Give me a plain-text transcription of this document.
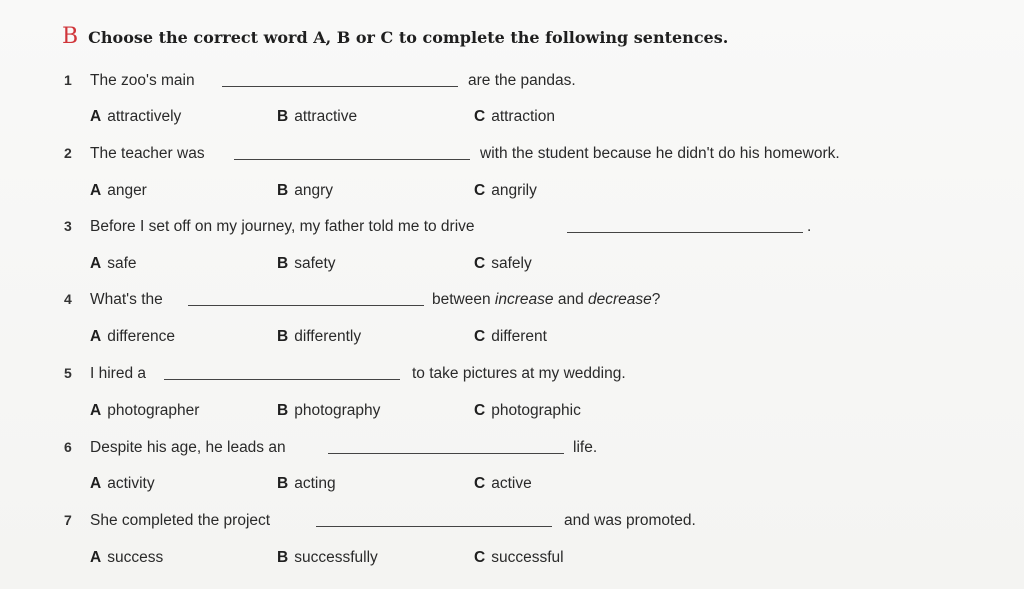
B Choose the correct word A, B or C to complete the following sentences.
1 The zoo's main	are the pandas.
A attractively	B attractive	C attraction
2 The teacher was	with the student because he didn't do his homework.
A anger	B angry	C angrily
3 Before I set off on my journey, my father told me to drive	.
A safe	B safety	C safely
4 What's the	between increase and decrease?
A difference	B differently	C different
5 I hired a	to take pictures at my wedding.
A photographer	B photography	C photographic
6 Despite his age, he leads an	life.
A activity	B acting	C active
7 She completed the project	and was promoted.
A success	B successfully	C successful
